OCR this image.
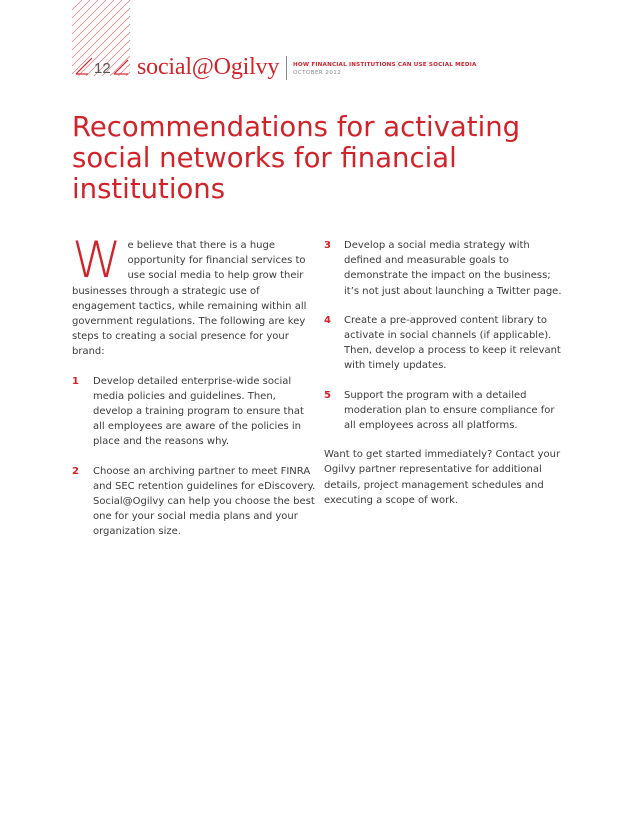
12 social@Ogilvy HOW FINANCIAL INSTITUTIONS CAN USE SOCIAL MEDIA
OCTOBER 2012
Recommendations for activating social networks for financial institutions

We believe that there is a huge opportunity for financial services to use social media to help grow their businesses through a strategic use of engagement tactics, while remaining within all government regulations. The following are key steps to creating a social presence for your brand:

1 Develop detailed enterprise-wide social media policies and guidelines. Then, develop a training program to ensure that all employees are aware of the policies in place and the reasons why.

2 Choose an archiving partner to meet FINRA and SEC retention guidelines for eDiscovery. Social@Ogilvy can help you choose the best one for your social media plans and your organization size.

3 Develop a social media strategy with defined and measurable goals to demonstrate the impact on the business; it’s not just about launching a Twitter page.

4 Create a pre-approved content library to activate in social channels (if applicable). Then, develop a process to keep it relevant with timely updates.

5 Support the program with a detailed moderation plan to ensure compliance for all employees across all platforms.

Want to get started immediately? Contact your Ogilvy partner representative for additional details, project management schedules and executing a scope of work.
